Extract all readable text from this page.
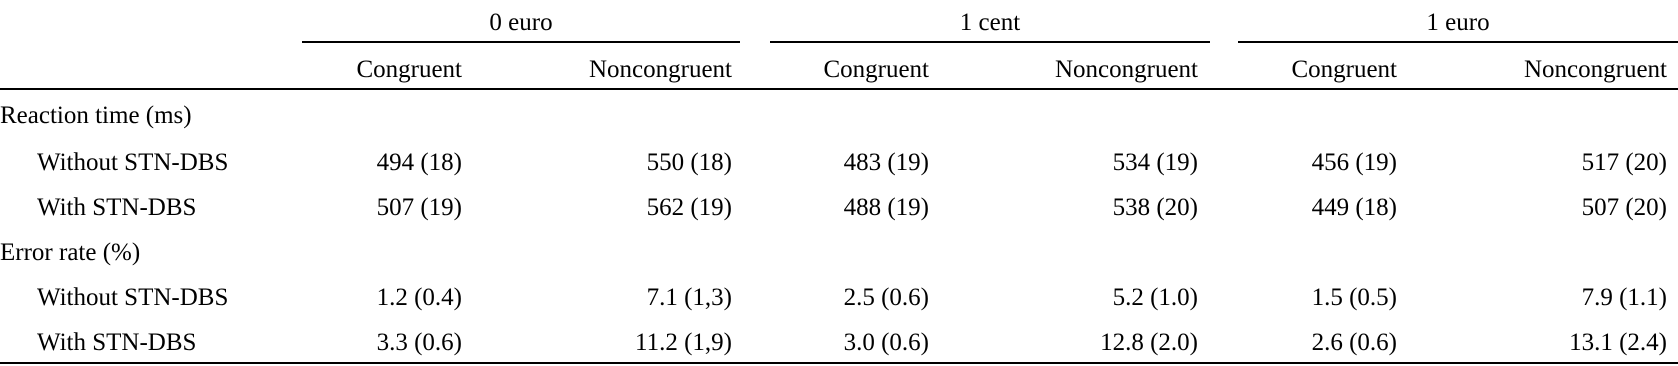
0 euro	1 cent	1 euro
Congruent	Noncongruent	Congruent	Noncongruent	Congruent	Noncongruent
Reaction time (ms)
Without STN-DBS	494 (18)	550 (18)	483 (19)	534 (19)	456 (19)	517 (20)
With STN-DBS	507 (19)	562 (19)	488 (19)	538 (20)	449 (18)	507 (20)
Error rate (%)
Without STN-DBS	1.2 (0.4)	7.1 (1,3)	2.5 (0.6)	5.2 (1.0)	1.5 (0.5)	7.9 (1.1)
With STN-DBS	3.3 (0.6)	11.2 (1,9)	3.0 (0.6)	12.8 (2.0)	2.6 (0.6)	13.1 (2.4)
